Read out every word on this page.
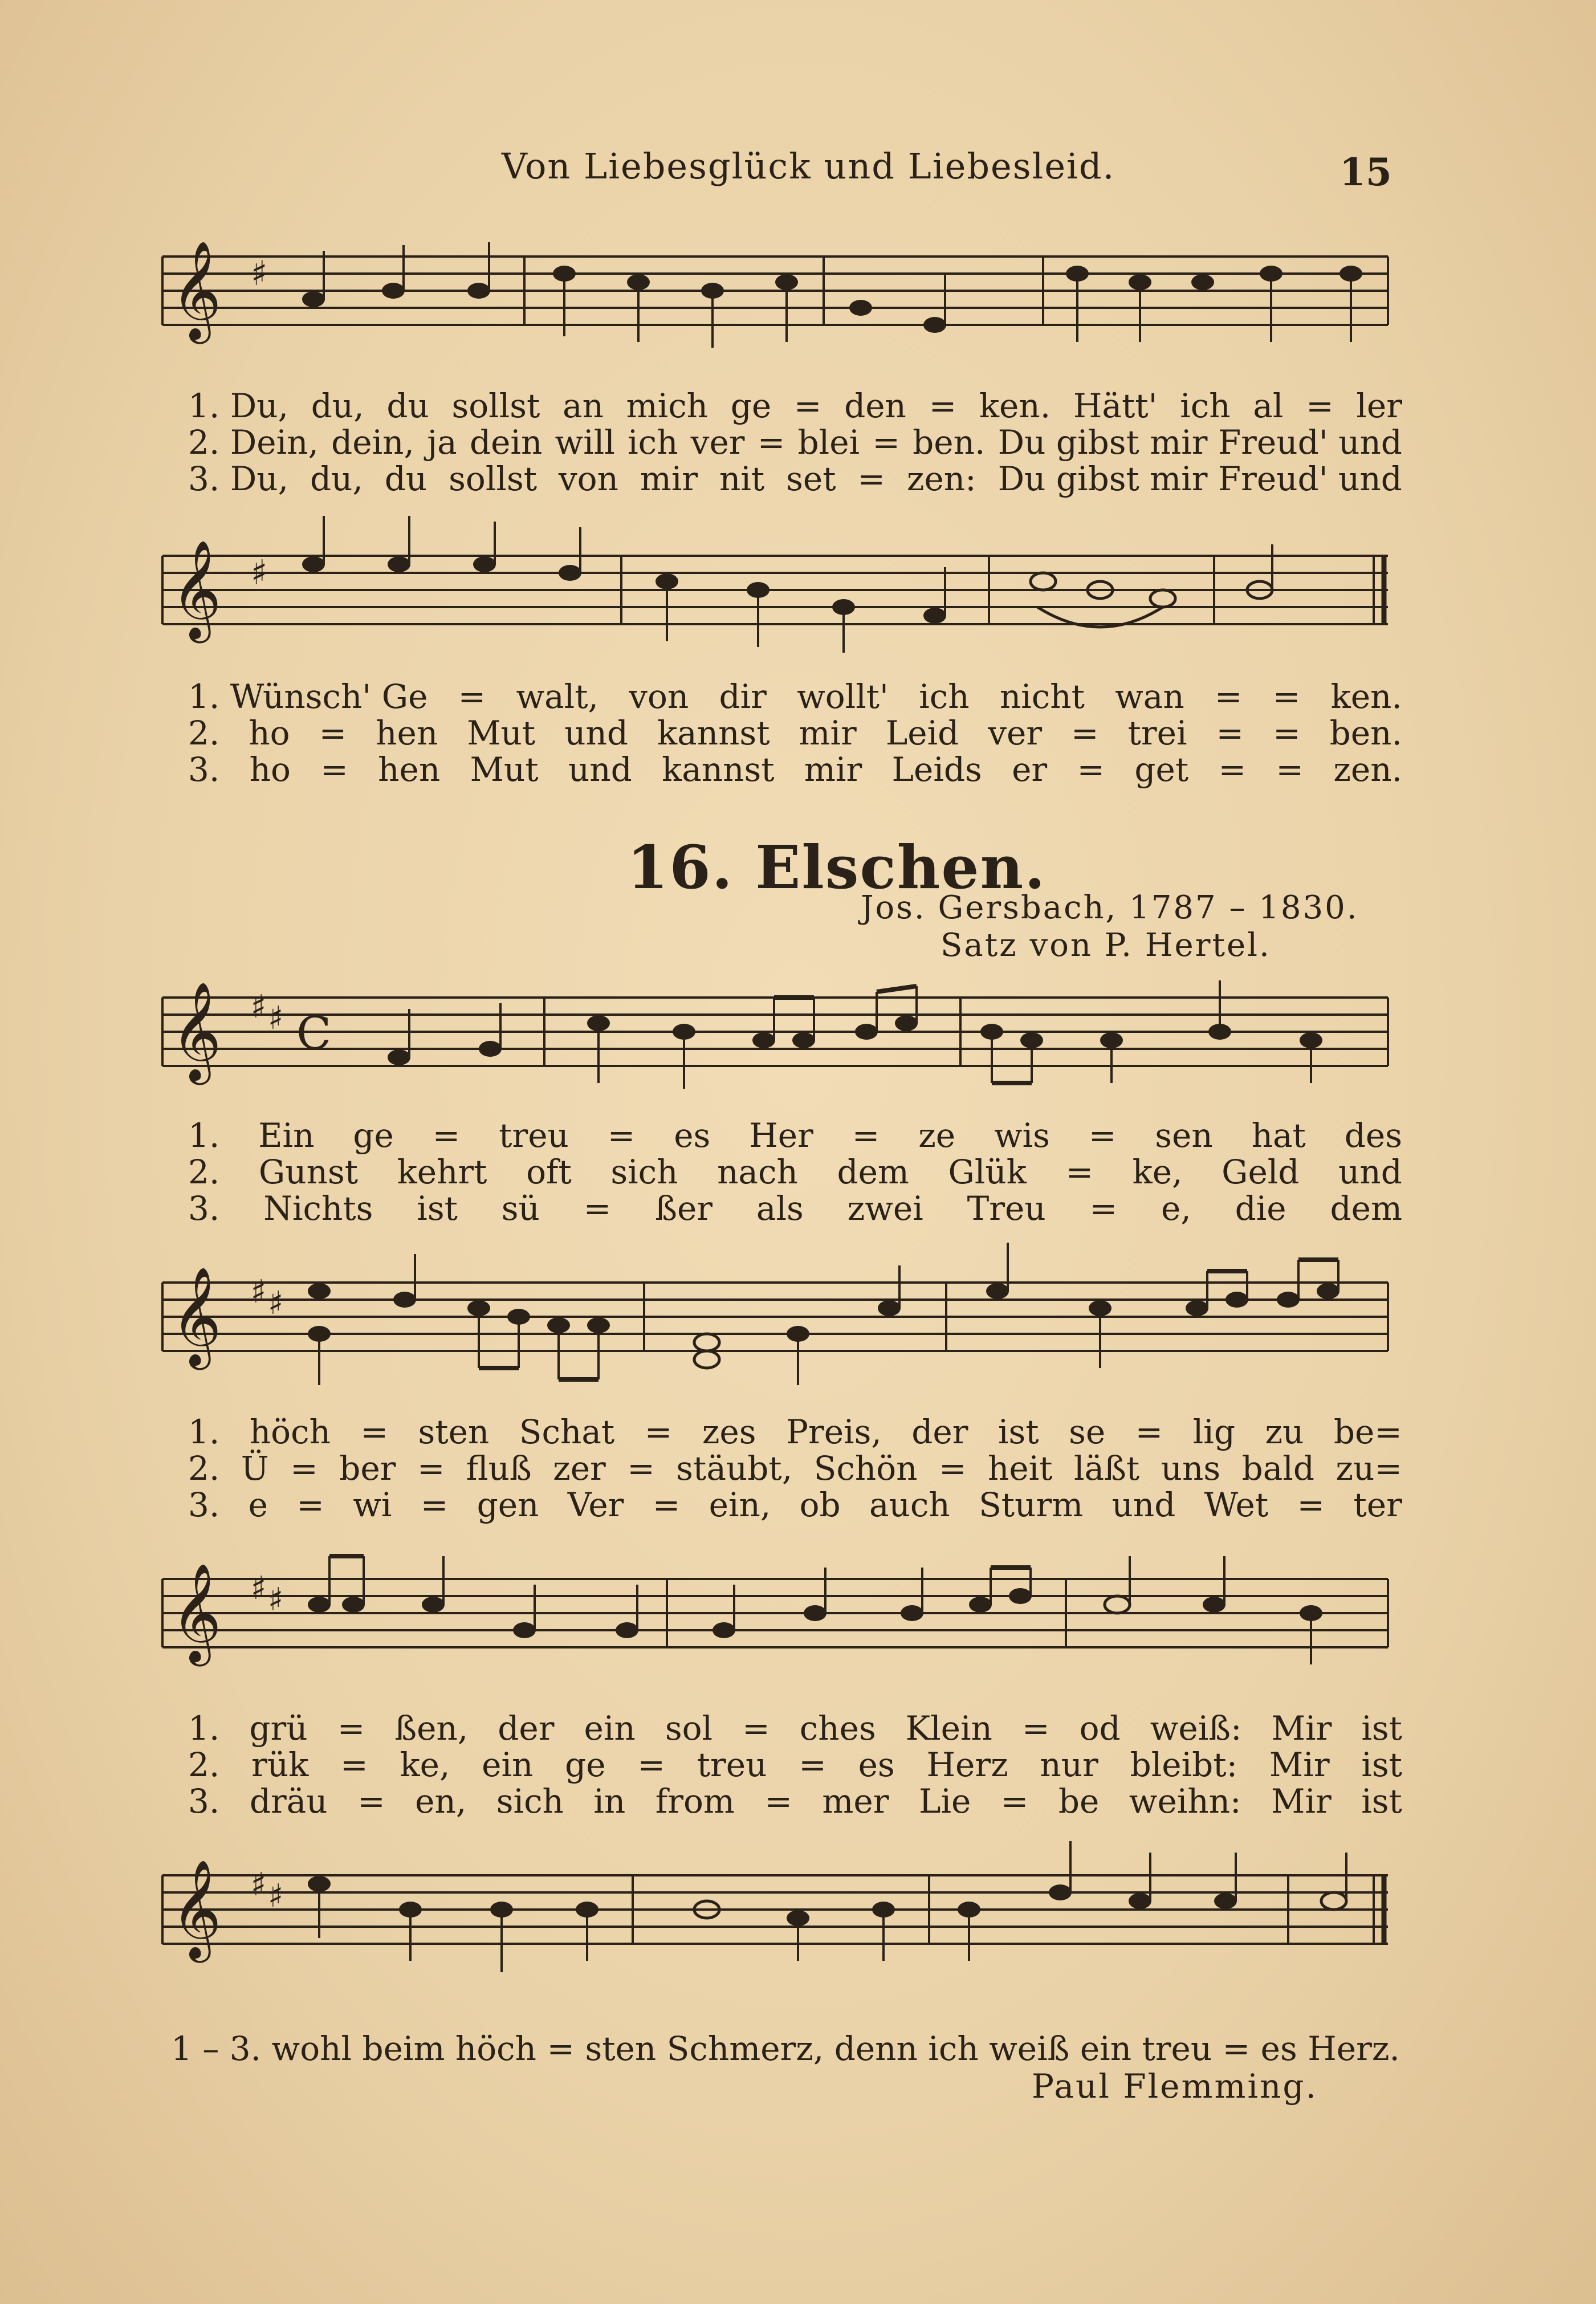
Von Liebesglück und Liebesleid.	15
𝄞 ♯
1. Du, du, du sollst an mich ge = den = ken. Hätt' ich al = ler
2. Dein, dein, ja dein will ich ver = blei = ben. Du gibst mir Freud' und
3. Du, du, du sollst von mir nit set = zen: Du gibst mir Freud' und
𝄞 ♯
1. Wünsch' Ge = walt, von dir wollt' ich nicht wan = = ken.
2. ho = hen Mut und kannst mir Leid ver = trei = = ben.
3. ho = hen Mut und kannst mir Leids er = get = = zen.
16. Elschen.
Jos. Gersbach, 1787 – 1830.
Satz von P. Hertel.
𝄞 ♯ ♯ C
1. Ein ge = treu = es Her = ze wis = sen hat des
2. Gunst kehrt oft sich nach dem Glük = ke, Geld und
3. Nichts ist sü = ßer als zwei Treu = e, die dem
𝄞 ♯ ♯
1. höch = sten Schat = zes Preis, der ist se = lig zu be=
2. Ü = ber = fluß zer = stäubt, Schön = heit läßt uns bald zu=
3. e = wi = gen Ver = ein, ob auch Sturm und Wet = ter
𝄞 ♯ ♯
1. grü = ßen, der ein sol = ches Klein = od weiß: Mir ist
2. rük = ke, ein ge = treu = es Herz nur bleibt: Mir ist
3. dräu = en, sich in from = mer Lie = be weihn: Mir ist
𝄞 ♯ ♯
1 – 3. wohl beim höch = sten Schmerz, denn ich weiß ein treu = es Herz.
Paul Flemming.
